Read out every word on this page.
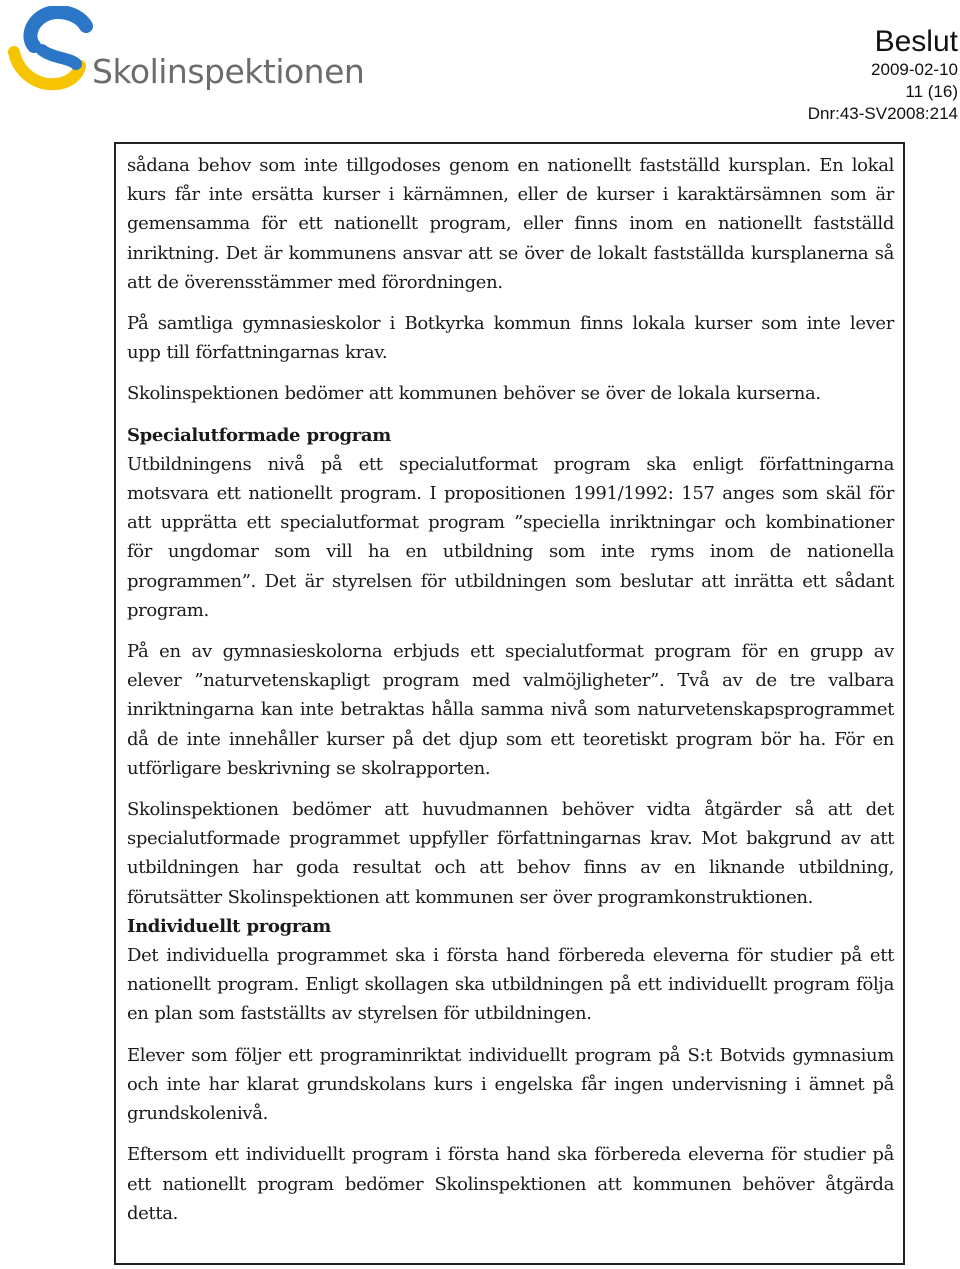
Skolinspektionen
Beslut
2009-02-10
11 (16)
Dnr:43-SV2008:214

sådana behov som inte tillgodoses genom en nationellt fastställd kursplan. En lokal kurs får inte ersätta kurser i kärnämnen, eller de kurser i karaktärsämnen som är gemensamma för ett nationellt program, eller finns inom en nationellt fastställd inriktning. Det är kommunens ansvar att se över de lokalt fastställda kursplanerna så att de överensstämmer med förordningen.

På samtliga gymnasieskolor i Botkyrka kommun finns lokala kurser som inte lever upp till författningarnas krav.

Skolinspektionen bedömer att kommunen behöver se över de lokala kurserna.

Specialutformade program

Utbildningens nivå på ett specialutformat program ska enligt författningarna motsvara ett nationellt program. I propositionen 1991/1992: 157 anges som skäl för att upprätta ett specialutformat program ”speciella inriktningar och kombinationer för ungdomar som vill ha en utbildning som inte ryms inom de nationella programmen”. Det är styrelsen för utbildningen som beslutar att inrätta ett sådant program.

På en av gymnasieskolorna erbjuds ett specialutformat program för en grupp av elever ”naturvetenskapligt program med valmöjligheter”. Två av de tre valbara inriktningarna kan inte betraktas hålla samma nivå som naturvetenskapsprogrammet då de inte innehåller kurser på det djup som ett teoretiskt program bör ha. För en utförligare beskrivning se skolrapporten.

Skolinspektionen bedömer att huvudmannen behöver vidta åtgärder så att det specialutformade programmet uppfyller författningarnas krav. Mot bakgrund av att utbildningen har goda resultat och att behov finns av en liknande utbildning, förutsätter Skolinspektionen att kommunen ser över programkonstruktionen.

Individuellt program

Det individuella programmet ska i första hand förbereda eleverna för studier på ett nationellt program. Enligt skollagen ska utbildningen på ett individuellt program följa en plan som fastställts av styrelsen för utbildningen.

Elever som följer ett programinriktat individuellt program på S:t Botvids gymnasium och inte har klarat grundskolans kurs i engelska får ingen undervisning i ämnet på grundskolenivå.

Eftersom ett individuellt program i första hand ska förbereda eleverna för studier på ett nationellt program bedömer Skolinspektionen att kommunen behöver åtgärda detta.
